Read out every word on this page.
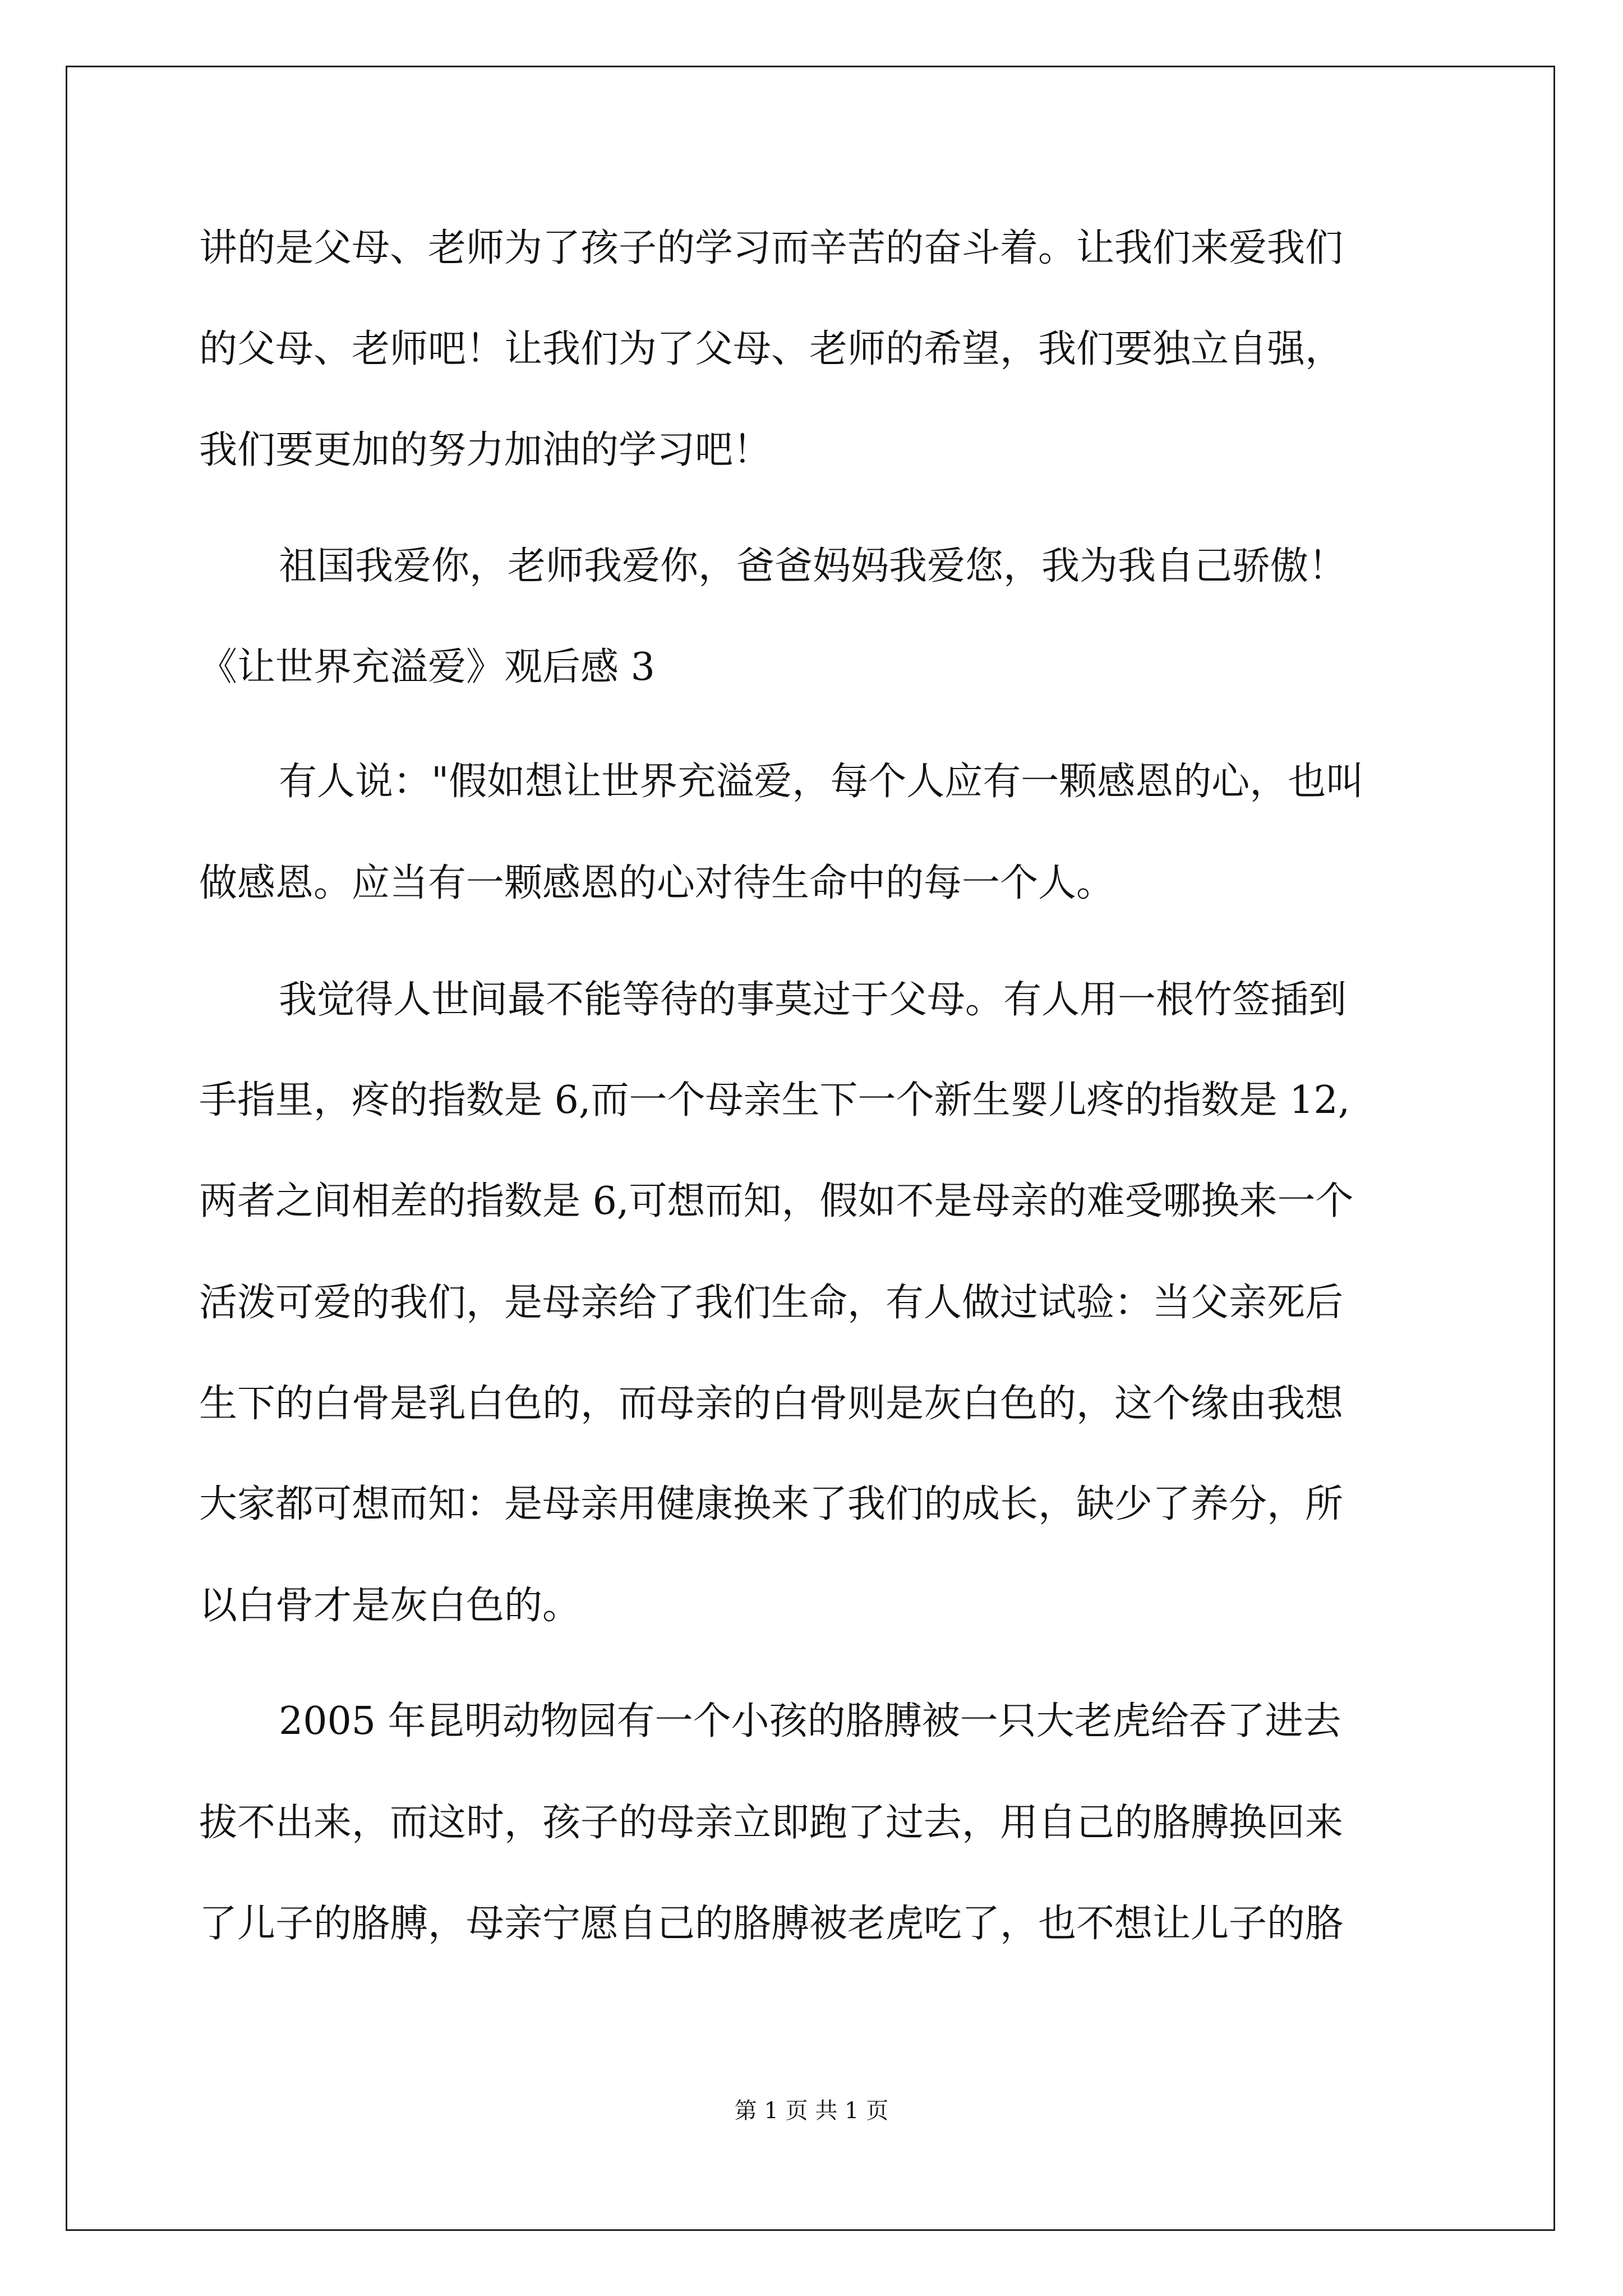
讲的是父母、老师为了孩子的学习而辛苦的奋斗着。让我们来爱我们
的父母、老师吧！让我们为了父母、老师的希望，我们要独立自强，
我们要更加的努力加油的学习吧！
祖国我爱你，老师我爱你，爸爸妈妈我爱您，我为我自己骄傲！
《让世界充溢爱》观后感 3
有人说："假如想让世界充溢爱，每个人应有一颗感恩的心，也叫
做感恩。应当有一颗感恩的心对待生命中的每一个人。
我觉得人世间最不能等待的事莫过于父母。有人用一根竹签插到
手指里，疼的指数是 6,而一个母亲生下一个新生婴儿疼的指数是 12,
两者之间相差的指数是 6,可想而知，假如不是母亲的难受哪换来一个
活泼可爱的我们，是母亲给了我们生命，有人做过试验：当父亲死后
生下的白骨是乳白色的，而母亲的白骨则是灰白色的，这个缘由我想
大家都可想而知：是母亲用健康换来了我们的成长，缺少了养分，所
以白骨才是灰白色的。
2005 年昆明动物园有一个小孩的胳膊被一只大老虎给吞了进去
拔不出来，而这时，孩子的母亲立即跑了过去，用自己的胳膊换回来
了儿子的胳膊，母亲宁愿自己的胳膊被老虎吃了，也不想让儿子的胳
第 1 页 共 1 页
